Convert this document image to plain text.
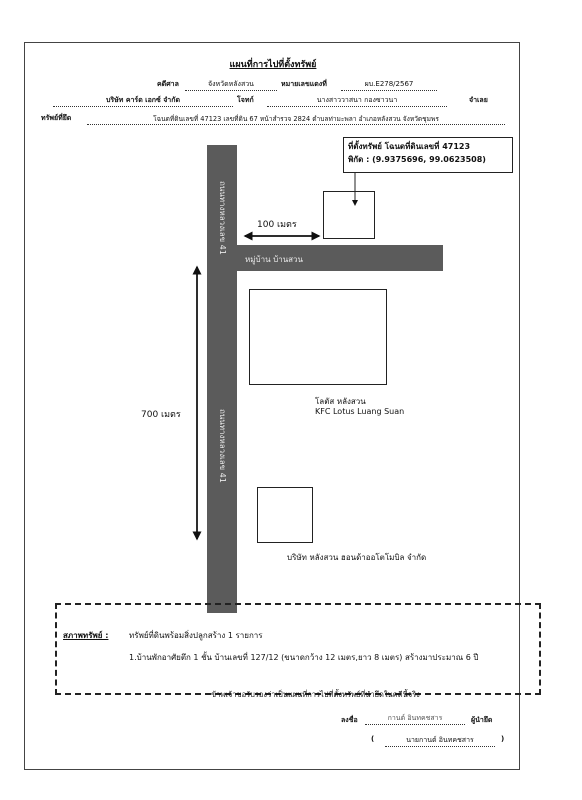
แผนที่การไปที่ตั้งทรัพย์
คดีศาล	จังหวัดหลังสวน	หมายเลขแดงที่	ผบ.E278/2567
บริษัท คาร์ด เอกซ์ จำกัด	โจทก์	นางสาววาสนา กองซาวนา	จำเลย
ทรัพย์ที่ยึด	โฉนดที่ดินเลขที่ 47123 เลขที่ดิน 67 หน้าสำรวจ 2824 ตำบลท่ามะพลา อำเภอหลังสวน จังหวัดชุมพร
ถนนทางหลวงเลข 41
ถนนทางหลวงเลข 41
หมู่บ้าน บ้านสวน
ที่ตั้งทรัพย์ โฉนดที่ดินเลขที่ 47123
พิกัด : (9.9375696, 99.0623508)
100 เมตร
700 เมตร
โลตัส หลังสวน
KFC Lotus Luang Suan
บริษัท หลังสวน ฮอนด้าออโตโมบิล จำกัด
สภาพทรัพย์ :	ทรัพย์ที่ดินพร้อมสิ่งปลูกสร้าง 1 รายการ
1.บ้านพักอาศัยตึก 1 ชั้น บ้านเลขที่ 127/12 (ขนาดกว้าง 12 เมตร,ยาว 8 เมตร) สร้างมาประมาณ 6 ปี
ข้าพเจ้าขอรับรองว่าเป็นแผนที่การไปที่ตั้งทรัพย์ที่นำยึดในคดีนี้จริง
ลงชื่อ	กานต์ อินทคชสาร	ผู้นำยึด
(	นายกานต์ อินทคชสาร	)
